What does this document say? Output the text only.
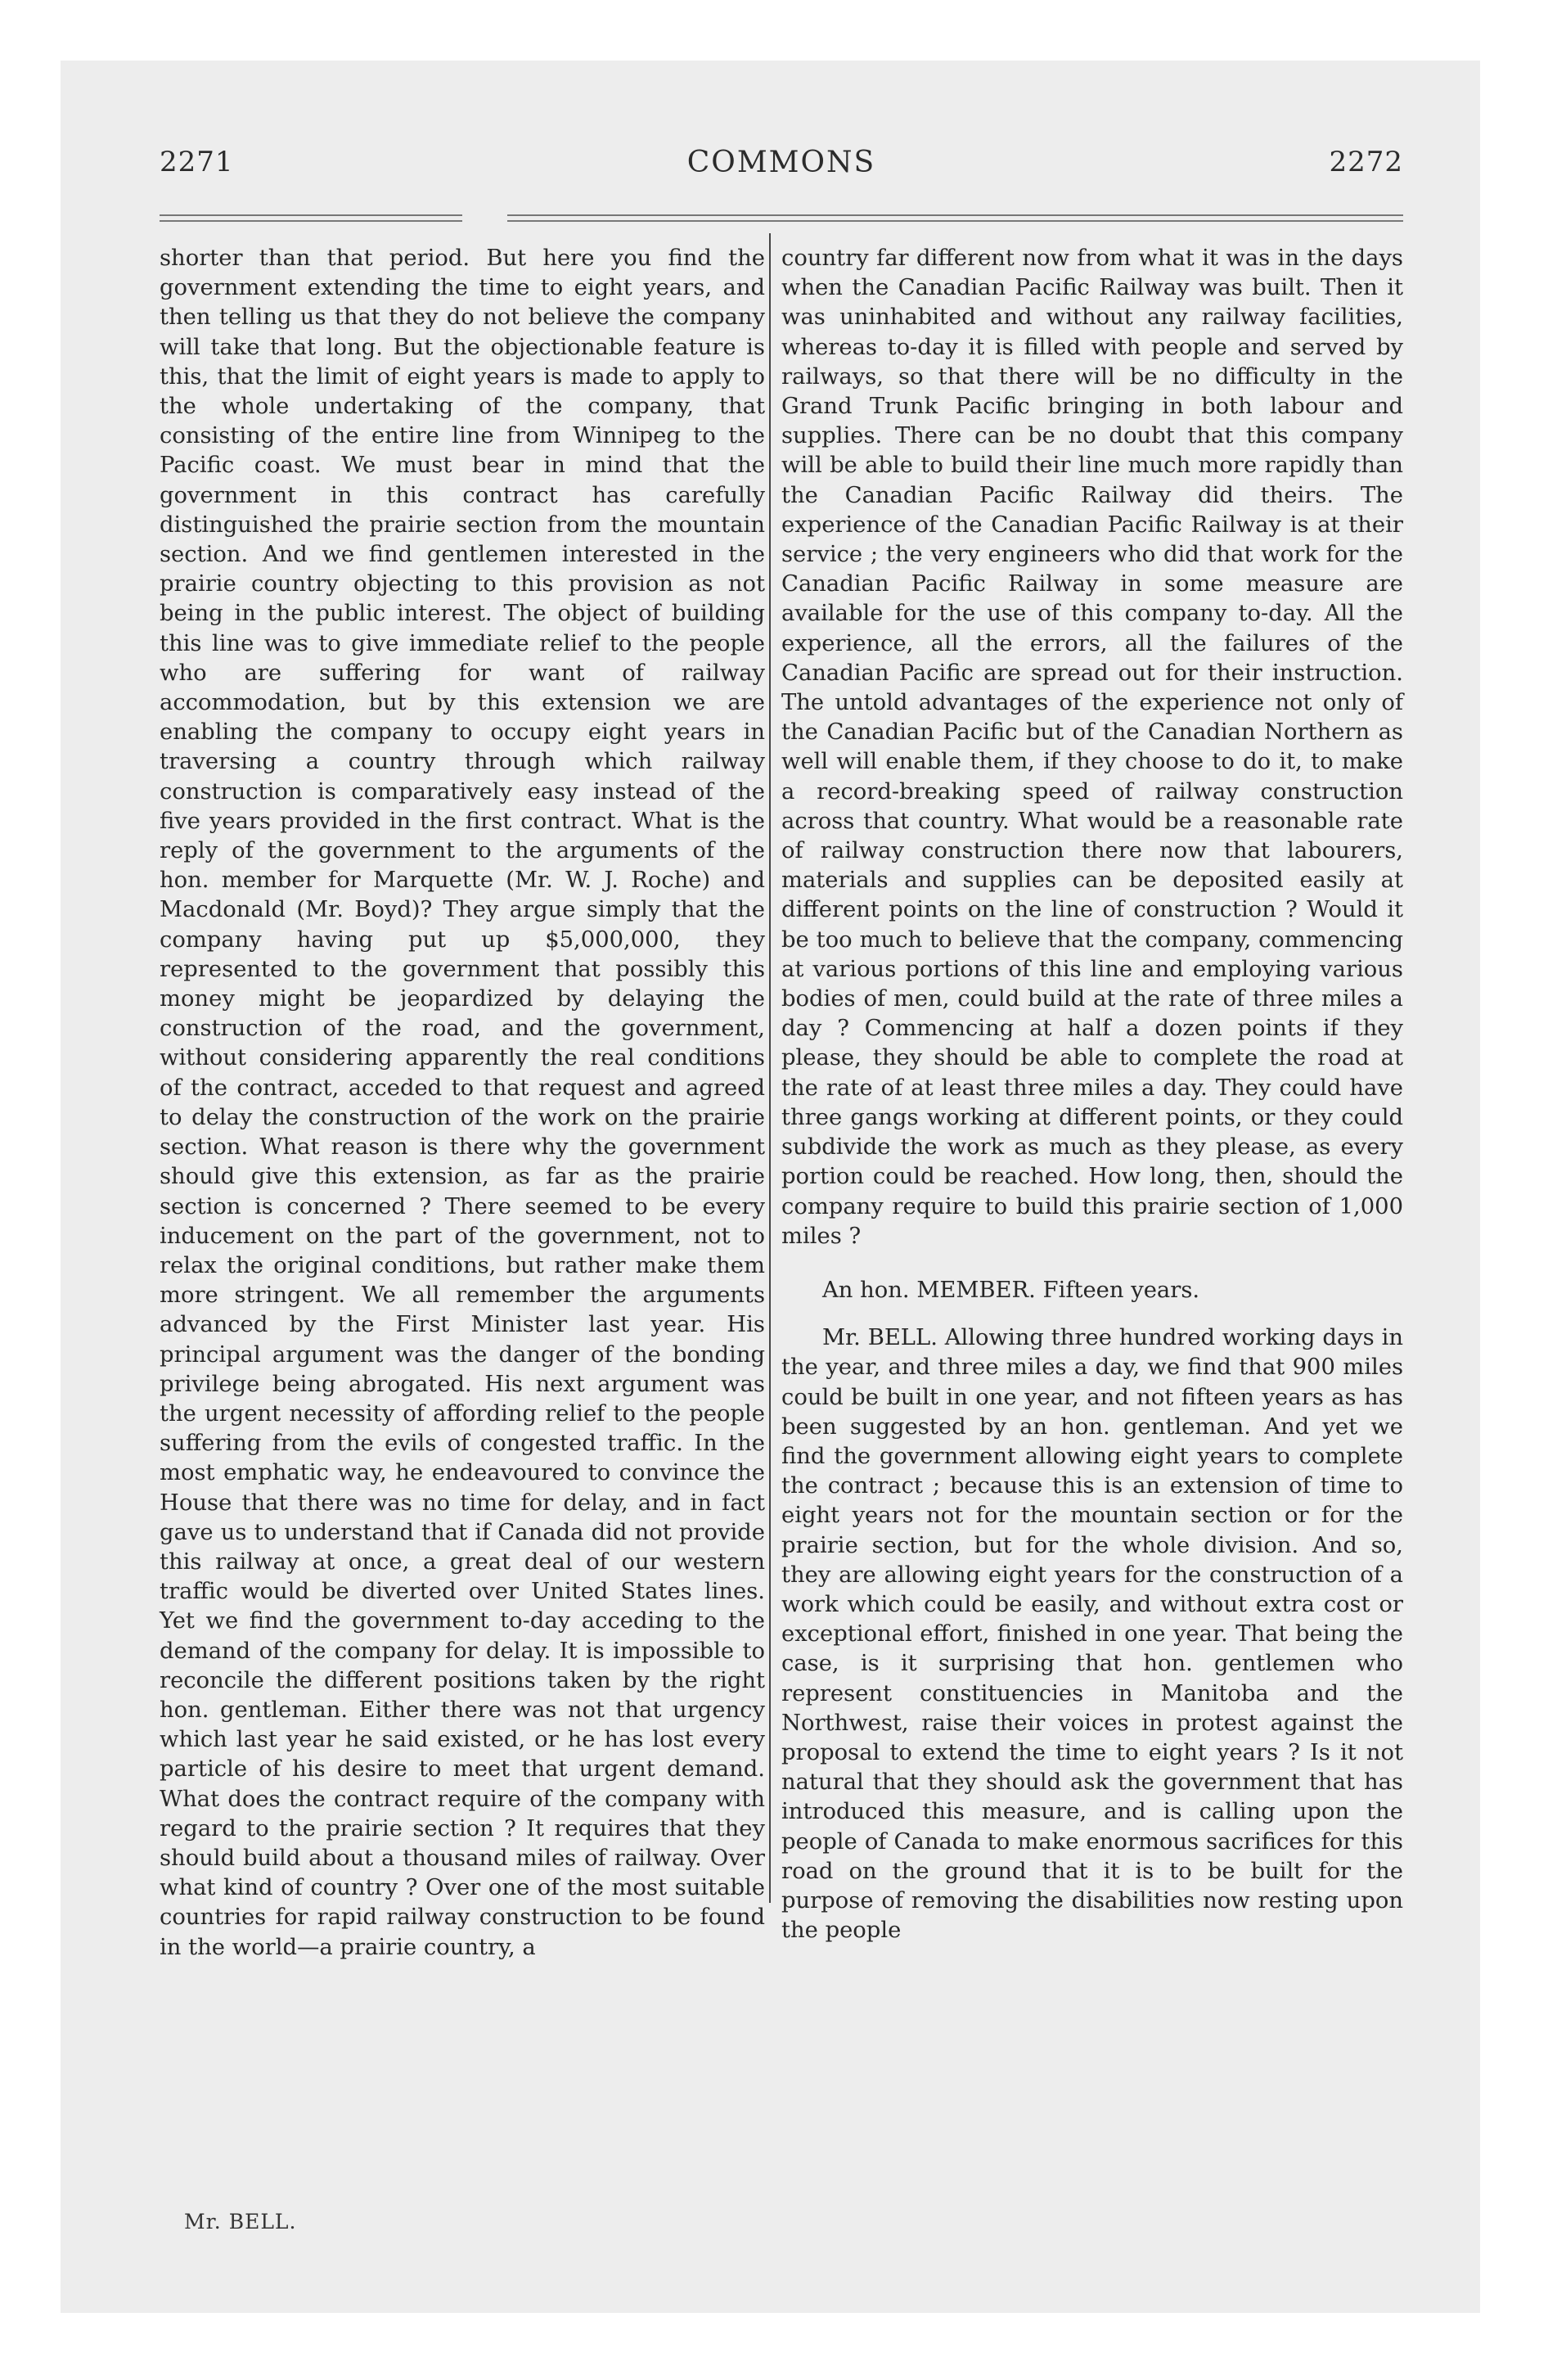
2271	COMMONS	2272

shorter than that period. But here you find the government extending the time to eight years, and then telling us that they do not believe the company will take that long. But the objectionable feature is this, that the limit of eight years is made to apply to the whole undertaking of the company, that consisting of the entire line from Winnipeg to the Pacific coast. We must bear in mind that the government in this contract has carefully distinguished the prairie section from the mountain section. And we find gentlemen interested in the prairie country objecting to this provision as not being in the public interest. The object of building this line was to give immediate relief to the people who are suffering for want of railway accommodation, but by this extension we are enabling the company to occupy eight years in traversing a country through which railway construction is comparatively easy instead of the five years provided in the first contract. What is the reply of the government to the arguments of the hon. member for Marquette (Mr. W. J. Roche) and Macdonald (Mr. Boyd)? They argue simply that the company having put up $5,000,000, they represented to the government that possibly this money might be jeopardized by delaying the construction of the road, and the government, without considering apparently the real conditions of the contract, acceded to that request and agreed to delay the construction of the work on the prairie section. What reason is there why the government should give this extension, as far as the prairie section is concerned ? There seemed to be every inducement on the part of the government, not to relax the original conditions, but rather make them more stringent. We all remember the arguments advanced by the First Minister last year. His principal argument was the danger of the bonding privilege being abrogated. His next argument was the urgent necessity of affording relief to the people suffering from the evils of congested traffic. In the most emphatic way, he endeavoured to convince the House that there was no time for delay, and in fact gave us to understand that if Canada did not provide this railway at once, a great deal of our western traffic would be diverted over United States lines. Yet we find the government to-day acceding to the demand of the company for delay. It is impossible to reconcile the different positions taken by the right hon. gentleman. Either there was not that urgency which last year he said existed, or he has lost every particle of his desire to meet that urgent demand. What does the contract require of the company with regard to the prairie section ? It requires that they should build about a thousand miles of railway. Over what kind of country ? Over one of the most suitable countries for rapid railway construction to be found in the world—a prairie country, a

country far different now from what it was in the days when the Canadian Pacific Railway was built. Then it was uninhabited and without any railway facilities, whereas to-day it is filled with people and served by railways, so that there will be no difficulty in the Grand Trunk Pacific bringing in both labour and supplies. There can be no doubt that this company will be able to build their line much more rapidly than the Canadian Pacific Railway did theirs. The experience of the Canadian Pacific Railway is at their service ; the very engineers who did that work for the Canadian Pacific Railway in some measure are available for the use of this company to-day. All the experience, all the errors, all the failures of the Canadian Pacific are spread out for their instruction. The untold advantages of the experience not only of the Canadian Pacific but of the Canadian Northern as well will enable them, if they choose to do it, to make a record-breaking speed of railway construction across that country. What would be a reasonable rate of railway construction there now that labourers, materials and supplies can be deposited easily at different points on the line of construction ? Would it be too much to believe that the company, commencing at various portions of this line and employing various bodies of men, could build at the rate of three miles a day ? Commencing at half a dozen points if they please, they should be able to complete the road at the rate of at least three miles a day. They could have three gangs working at different points, or they could subdivide the work as much as they please, as every portion could be reached. How long, then, should the company require to build this prairie section of 1,000 miles ?

An hon. MEMBER. Fifteen years.

Mr. BELL. Allowing three hundred working days in the year, and three miles a day, we find that 900 miles could be built in one year, and not fifteen years as has been suggested by an hon. gentleman. And yet we find the government allowing eight years to complete the contract ; because this is an extension of time to eight years not for the mountain section or for the prairie section, but for the whole division. And so, they are allowing eight years for the construction of a work which could be easily, and without extra cost or exceptional effort, finished in one year. That being the case, is it surprising that hon. gentlemen who represent constituencies in Manitoba and the Northwest, raise their voices in protest against the proposal to extend the time to eight years ? Is it not natural that they should ask the government that has introduced this measure, and is calling upon the people of Canada to make enormous sacrifices for this road on the ground that it is to be built for the purpose of removing the disabilities now resting upon the people

Mr. BELL.
